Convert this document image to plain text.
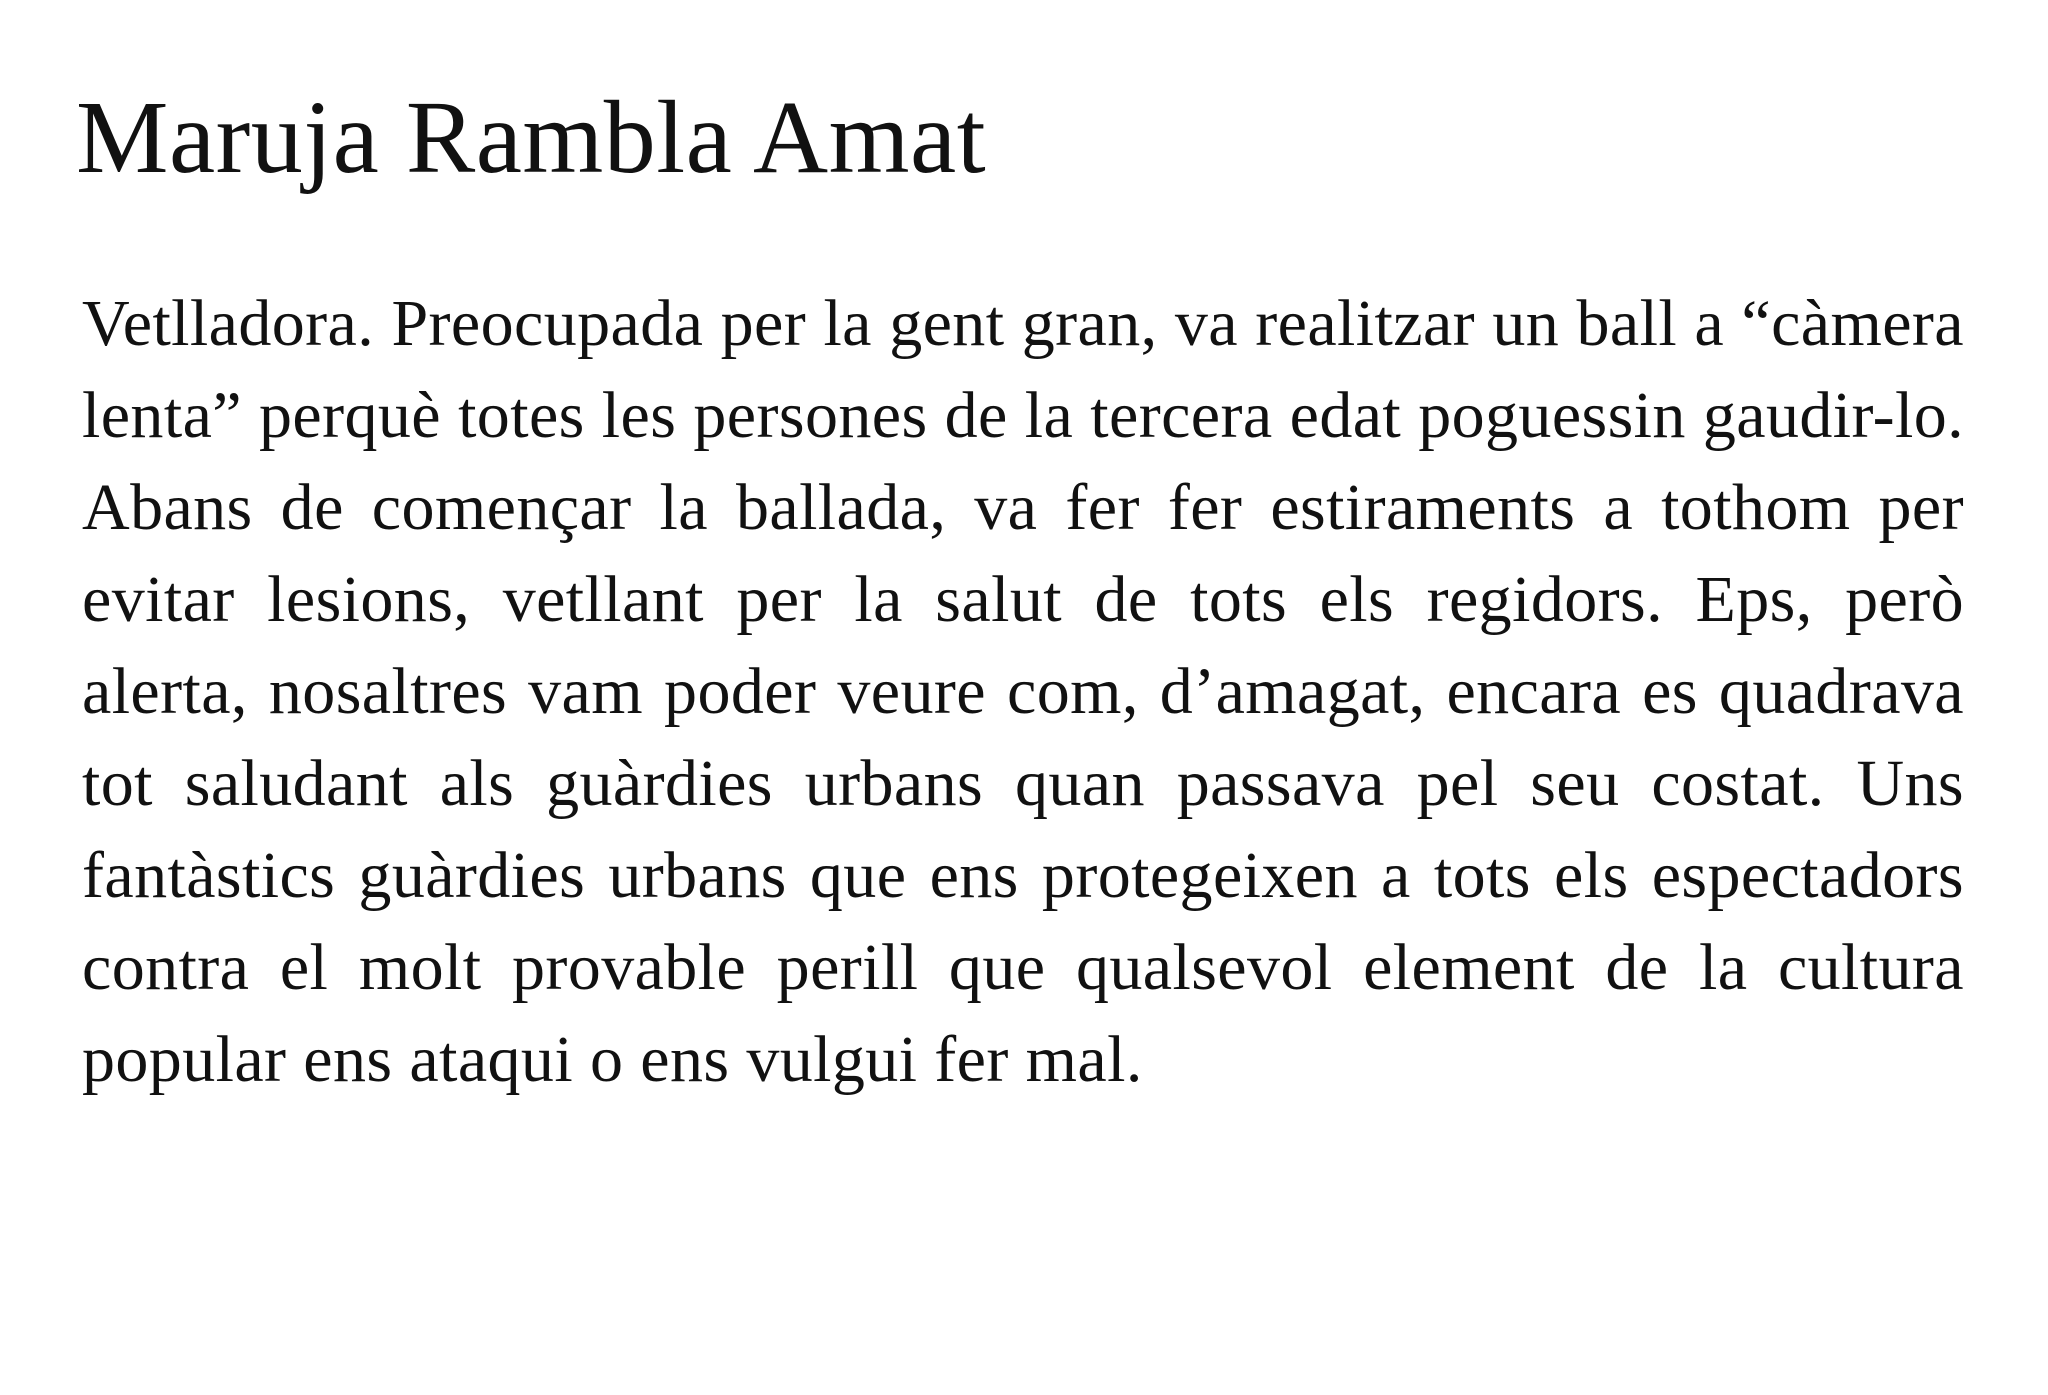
Maruja Rambla Amat

Vetlladora. Preocupada per la gent gran, va realitzar un ball a “càmera lenta” perquè totes les persones de la tercera edat poguessin gaudir-lo. Abans de començar la ballada, va fer fer estiraments a tothom per evitar lesions, vetllant per la salut de tots els regidors. Eps, però alerta, nosaltres vam poder veure com, d’amagat, encara es quadrava tot saludant als guàrdies urbans quan passava pel seu costat. Uns fantàstics guàrdies urbans que ens protegeixen a tots els espectadors contra el molt provable perill que qualsevol element de la cultura popular ens ataqui o ens vulgui fer mal.
